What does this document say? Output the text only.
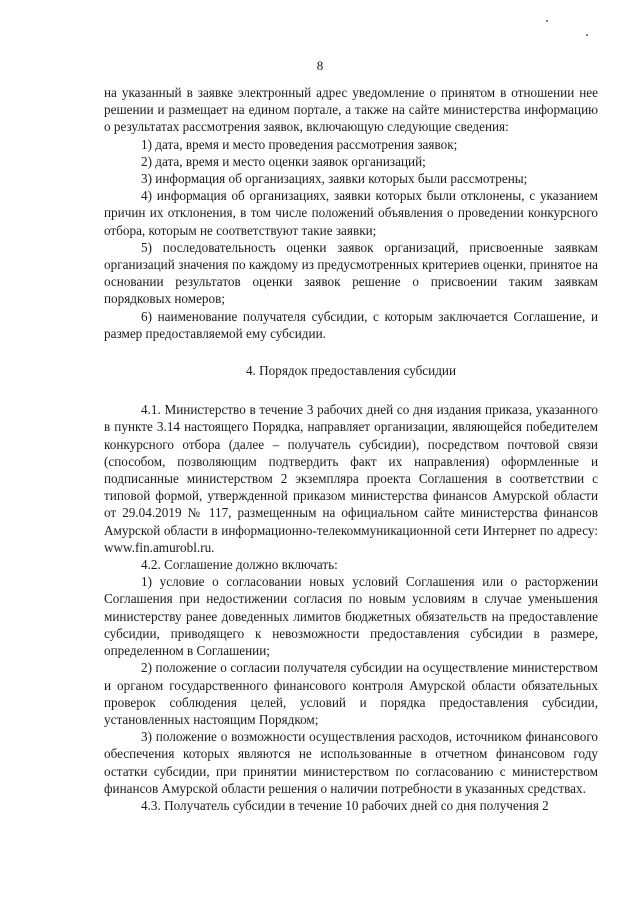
8

на указанный в заявке электронный адрес уведомление о принятом в отношении нее решении и размещает на едином портале, а также на сайте министерства информацию о результатах рассмотрения заявок, включающую следующие сведения:

1) дата, время и место проведения рассмотрения заявок;

2) дата, время и место оценки заявок организаций;

3) информация об организациях, заявки которых были рассмотрены;

4) информация об организациях, заявки которых были отклонены, с указанием причин их отклонения, в том числе положений объявления о проведении конкурсного отбора, которым не соответствуют такие заявки;

5) последовательность оценки заявок организаций, присвоенные заявкам организаций значения по каждому из предусмотренных критериев оценки, принятое на основании результатов оценки заявок решение о присвоении таким заявкам порядковых номеров;

6) наименование получателя субсидии, с которым заключается Соглашение, и размер предоставляемой ему субсидии.

4. Порядок предоставления субсидии

4.1. Министерство в течение 3 рабочих дней со дня издания приказа, указанного в пункте 3.14 настоящего Порядка, направляет организации, являющейся победителем конкурсного отбора (далее – получатель субсидии), посредством почтовой связи (способом, позволяющим подтвердить факт их направления) оформленные и подписанные министерством 2 экземпляра проекта Соглашения в соответствии с типовой формой, утвержденной приказом министерства финансов Амурской области от 29.04.2019 № 117, размещенным на официальном сайте министерства финансов Амурской области в информационно-телекоммуникационной сети Интернет по адресу: www.fin.amurobl.ru.

4.2. Соглашение должно включать:

1) условие о согласовании новых условий Соглашения или о расторжении Соглашения при недостижении согласия по новым условиям в случае уменьшения министерству ранее доведенных лимитов бюджетных обязательств на предоставление субсидии, приводящего к невозможности предоставления субсидии в размере, определенном в Соглашении;

2) положение о согласии получателя субсидии на осуществление министерством и органом государственного финансового контроля Амурской области обязательных проверок соблюдения целей, условий и порядка предоставления субсидии, установленных настоящим Порядком;

3) положение о возможности осуществления расходов, источником финансового обеспечения которых являются не использованные в отчетном финансовом году остатки субсидии, при принятии министерством по согласованию с министерством финансов Амурской области решения о наличии потребности в указанных средствах.

4.3. Получатель субсидии в течение 10 рабочих дней со дня получения 2
